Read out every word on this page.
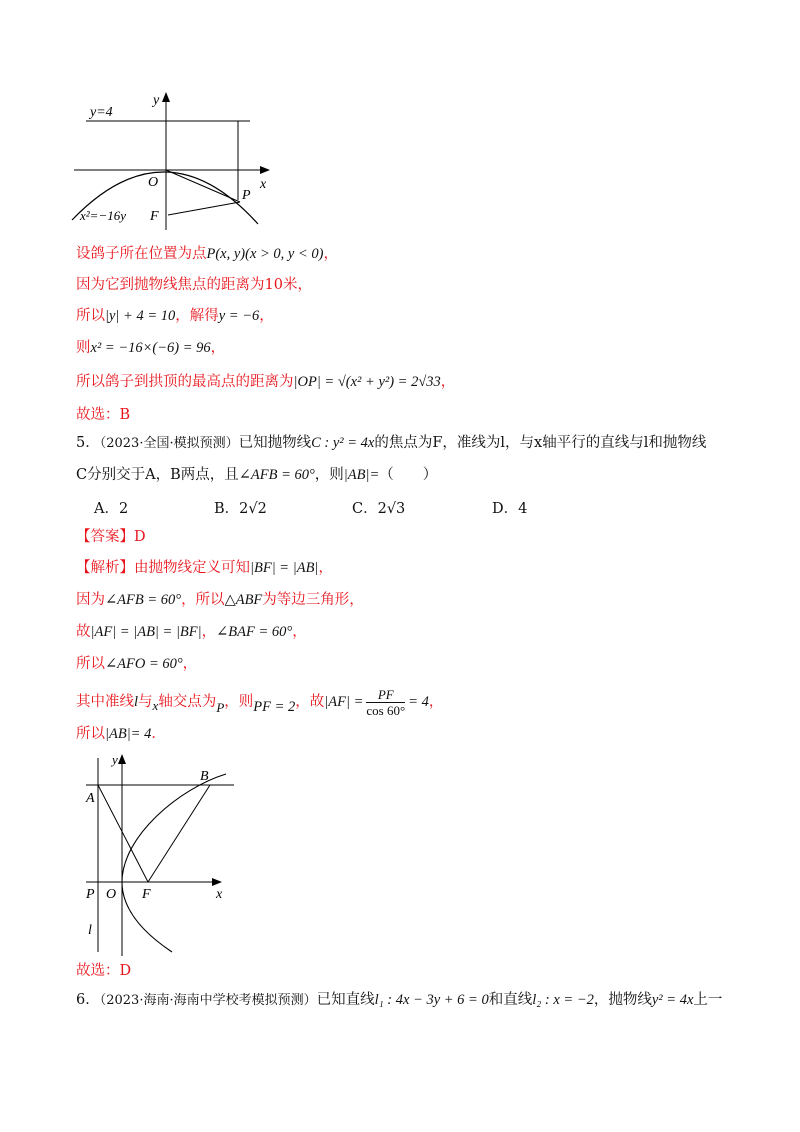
y
x
y=4
O
P
F
x²=−16y
设鸽子所在位置为点P(x, y)(x > 0, y < 0)，
因为它到抛物线焦点的距离为10米，
所以|y| + 4 = 10，解得y = −6，
则x² = −16×(−6) = 96，
所以鸽子到拱顶的最高点的距离为|OP| = √(x² + y²) = 2√33，
故选：B
5．（2023·全国·模拟预测）已知抛物线C : y² = 4x的焦点为F，准线为l，与x轴平行的直线与l和抛物线
C分别交于A，B两点，且∠AFB = 60°，则|AB|=（　　）
A．2	B．2√2	C．2√3	D．4
【答案】D
【解析】由抛物线定义可知|BF| = |AB|，
因为∠AFB = 60°，所以△ABF为等边三角形，
故|AF| = |AB| = |BF|，∠BAF = 60°，
所以∠AFO = 60°，
其中准线l与x轴交点为P，则PF = 2，故$|AF| = \frac{PF}{\cos 60^\circ} = 4$，
所以|AB|= 4．
y
x
A
B
P O F
l
故选：D
6．（2023·海南·海南中学校考模拟预测）已知直线l₁ : 4x − 3y + 6 = 0和直线l₂ : x = −2，抛物线y² = 4x上一
